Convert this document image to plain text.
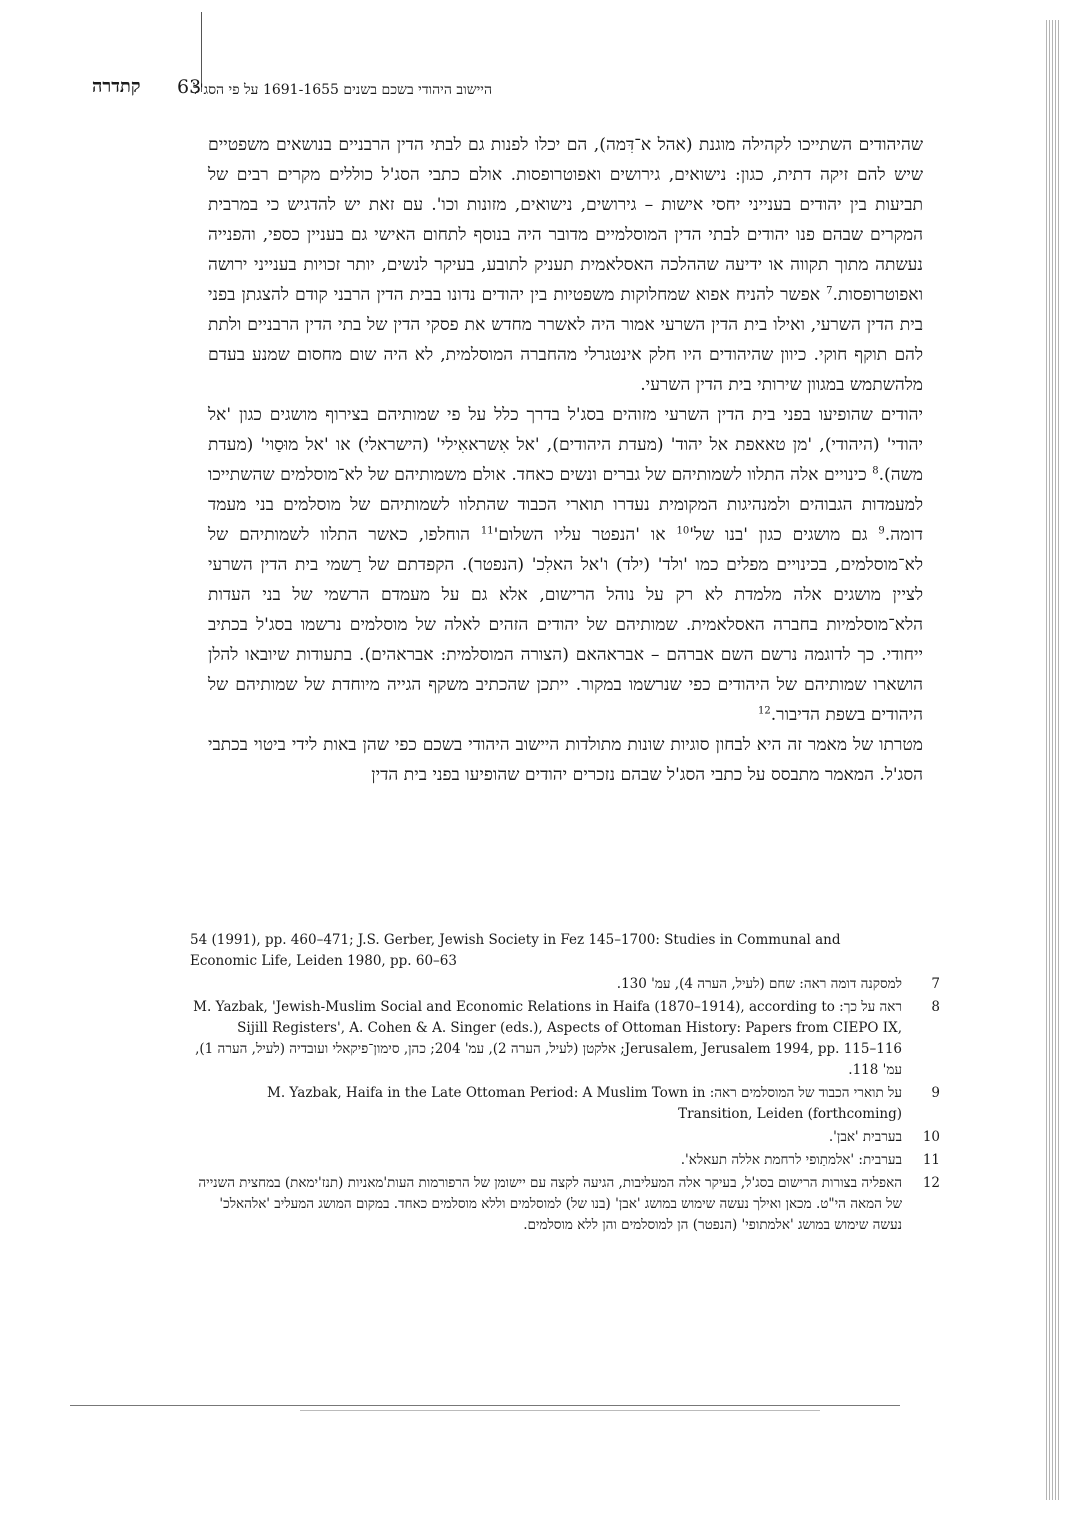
קתדרה 63
היישוב היהודי בשכם בשנים 1691-1655 על פי הסג'ל

שהיהודים השתייכו לקהילה מוגנת (אהל א־דִּמה), הם יכלו לפנות גם לבתי הדין הרבניים בנושאים משפטיים שיש להם זיקה דתית, כגון: נישואים, גירושים ואפוטרופסות. אולם כתבי הסג'ל כוללים מקרים רבים של תביעות בין יהודים בענייני יחסי אישות – גירושים, נישואים, מזונות וכו'. עם זאת יש להדגיש כי במרבית המקרים שבהם פנו יהודים לבתי הדין המוסלמיים מדובר היה בנוסף לתחום האישי גם בעניין כספי, והפנייה נעשתה מתוך תקווה או ידיעה שההלכה האסלאמית תעניק לתובע, בעיקר לנשים, יותר זכויות בענייני ירושה ואפוטרופסות.$^7$ אפשר להניח אפוא שמחלוקות משפטיות בין יהודים נדונו בבית הדין הרבני קודם להצגתן בפני בית הדין השרעי, ואילו בית הדין השרעי אמור היה לאשרר מחדש את פסקי הדין של בתי הדין הרבניים ולתת להם תוקף חוקי. כיוון שהיהודים היו חלק אינטגרלי מהחברה המוסלמית, לא היה שום מחסום שמנע בעדם מלהשתמש במגוון שירותי בית הדין השרעי.

יהודים שהופיעו בפני בית הדין השרעי מזוהים בסג'ל בדרך כלל על פי שמותיהם בצירוף מושגים כגון 'אל יהודי' (היהודי), 'מן טאאפת אל יהוד' (מעדת היהודים), 'אל אִשראאִילי' (הישראלי) או 'אל מוּסַוי' (מעדת משה).$^8$ כינויים אלה התלוו לשמותיהם של גברים ונשים כאחד. אולם משמותיהם של לא־מוסלמים שהשתייכו למעמדות הגבוהים ולמנהיגות המקומית נעדרו תוארי הכבוד שהתלוו לשמותיהם של מוסלמים בני מעמד דומה.$^9$ גם מושגים כגון 'בנו של'$^{10}$ או 'הנפטר עליו השלום'$^{11}$ הוחלפו, כאשר התלוו לשמותיהם של לא־מוסלמים, בכינויים מפלים כמו 'ולד' (ילד) ו'אל האלִכ' (הנפטר). הקפדתם של רַשמי בית הדין השרעי לציין מושגים אלה מלמדת לא רק על נוהל הרישום, אלא גם על מעמדם הרשמי של בני העדות הלא־מוסלמיות בחברה האסלאמית. שמותיהם של יהודים הזהים לאלה של מוסלמים נרשמו בסג'ל בכתיב ייחודי. כך לדוגמה נרשם השם אברהם – אבראהאם (הצורה המוסלמית: אבראהים). בתעודות שיובאו להלן הושארו שמותיהם של היהודים כפי שנרשמו במקור. ייתכן שהכתיב משקף הגייה מיוחדת של שמותיהם של היהודים בשפת הדיבור.$^{12}$

מטרתו של מאמר זה היא לבחון סוגיות שונות מתולדות היישוב היהודי בשכם כפי שהן באות לידי ביטוי בכתבי הסג'ל. המאמר מתבסס על כתבי הסג'ל שבהם נזכרים יהודים שהופיעו בפני בית הדין

54 (1991), pp. 460–471; J.S. Gerber, Jewish Society in Fez 145–1700: Studies in Communal and Economic Life, Leiden 1980, pp. 60–63
7
למסקנה דומה ראה: שחם (לעיל, הערה 4), עמ' 130.
8
ראה על כך: M. Yazbak, 'Jewish-Muslim Social and Economic Relations in Haifa (1870–1914), according to Sijill Registers', A. Cohen & A. Singer (eds.), Aspects of Ottoman History: Papers from CIEPO IX, Jerusalem, Jerusalem 1994, pp. 115–116; אלקטן (לעיל, הערה 2), עמ' 204; כהן, סימון־פיקאלי ועובדיה (לעיל, הערה 1), עמ' 118.
9
על תוארי הכבוד של המוסלמים ראה: M. Yazbak, Haifa in the Late Ottoman Period: A Muslim Town in Transition, Leiden (forthcoming)
10
בערבית 'אבן'.
11
בערבית: 'אלמתַופי לרחמת אללה תעאלא'.
12
האפליה בצורות הרישום בסג'ל, בעיקר אלה המעליבות, הגיעה לקצה עם יישומן של הרפורמות העות'מאניות (תנז'ימאת) במחצית השנייה של המאה הי"ט. מכאן ואילך נעשה שימוש במושג 'אבן' (בנו של) למוסלמים וללא מוסלמים כאחד. במקום המושג המעליב 'אלהאלכ' נעשה שימוש במושג 'אלמתופי' (הנפטר) הן למוסלמים והן ללא מוסלמים.
